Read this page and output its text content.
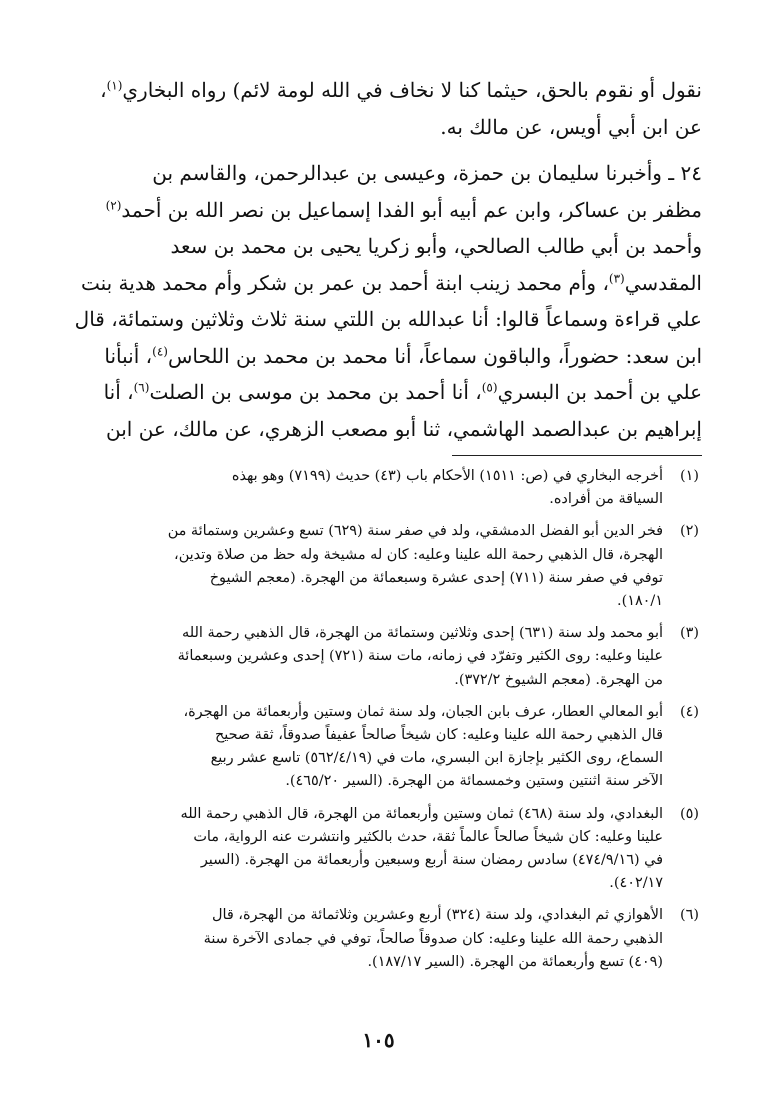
نقول أو نقوم بالحق، حيثما كنا لا نخاف في الله لومة لائم) رواه البخاري$^{(١)}$،
عن ابن أبي أويس، عن مالك به.

٢٤ ـ وأخبرنا سليمان بن حمزة، وعيسى بن عبدالرحمن، والقاسم بن
مظفر بن عساكر، وابن عم أبيه أبو الفدا إسماعيل بن نصر الله بن أحمد$^{(٢)}$
وأحمد بن أبي طالب الصالحي، وأبو زكريا يحيى بن محمد بن سعد
المقدسي$^{(٣)}$، وأم محمد زينب ابنة أحمد بن عمر بن شكر وأم محمد هدية بنت
علي قراءة وسماعاً قالوا: أنا عبدالله بن اللتي سنة ثلاث وثلاثين وستمائة، قال
ابن سعد: حضوراً، والباقون سماعاً، أنا محمد بن محمد بن اللحاس$^{(٤)}$، أنبأنا
علي بن أحمد بن البسري$^{(٥)}$، أنا أحمد بن محمد بن موسى بن الصلت$^{(٦)}$، أنا
إبراهيم بن عبدالصمد الهاشمي، ثنا أبو مصعب الزهري، عن مالك، عن ابن

(١)
أخرجه البخاري في (ص: ١٥١١) الأحكام باب (٤٣) حديث (٧١٩٩) وهو بهذه
السياقة من أفراده.
(٢)
فخر الدين أبو الفضل الدمشقي، ولد في صفر سنة (٦٢٩) تسع وعشرين وستمائة من
الهجرة، قال الذهبي رحمة الله علينا وعليه: كان له مشيخة وله حظ من صلاة وتدين،
توفي في صفر سنة (٧١١) إحدى عشرة وسبعمائة من الهجرة. (معجم الشيوخ
١٨٠/١).
(٣)
أبو محمد ولد سنة (٦٣١) إحدى وثلاثين وستمائة من الهجرة، قال الذهبي رحمة الله
علينا وعليه: روى الكثير وتفرّد في زمانه، مات سنة (٧٢١) إحدى وعشرين وسبعمائة
من الهجرة. (معجم الشيوخ ٣٧٢/٢).
(٤)
أبو المعالي العطار، عرف بابن الجبان، ولد سنة ثمان وستين وأربعمائة من الهجرة،
قال الذهبي رحمة الله علينا وعليه: كان شيخاً صالحاً عفيفاً صدوقاً، ثقة صحيح
السماع، روى الكثير بإجازة ابن البسري، مات في (٥٦٢/٤/١٩) تاسع عشر ربيع
الآخر سنة اثنتين وستين وخمسمائة من الهجرة. (السير ٤٦٥/٢٠).
(٥)
البغدادي، ولد سنة (٤٦٨) ثمان وستين وأربعمائة من الهجرة، قال الذهبي رحمة الله
علينا وعليه: كان شيخاً صالحاً عالماً ثقة، حدث بالكثير وانتشرت عنه الرواية، مات
في (٤٧٤/٩/١٦) سادس رمضان سنة أربع وسبعين وأربعمائة من الهجرة. (السير
٤٠٢/١٧).
(٦)
الأهوازي ثم البغدادي، ولد سنة (٣٢٤) أربع وعشرين وثلاثمائة من الهجرة، قال
الذهبي رحمة الله علينا وعليه: كان صدوقاً صالحاً، توفي في جمادى الآخرة سنة
(٤٠٩) تسع وأربعمائة من الهجرة. (السير ١٨٧/١٧).
١٠٥
